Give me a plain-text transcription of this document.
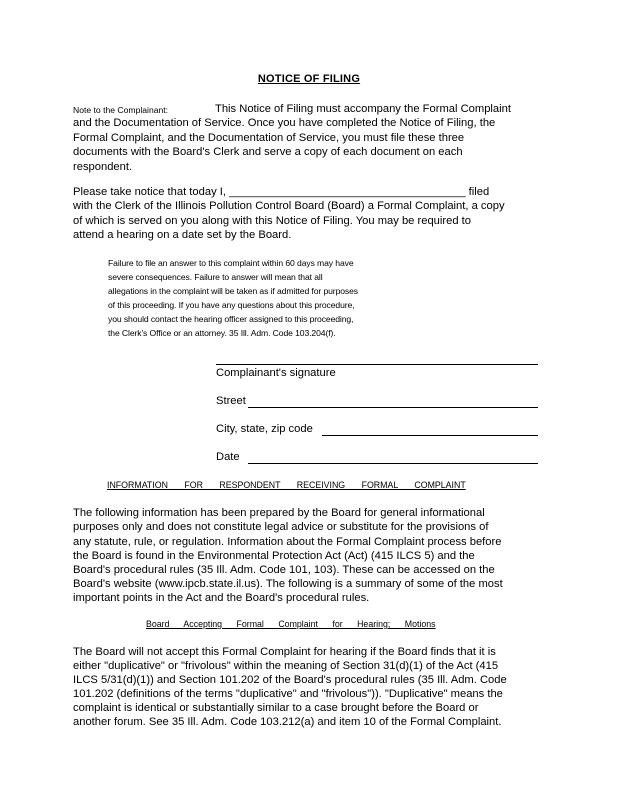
NOTICE OF FILING
Note to the Complainant:	This Notice of Filing must accompany the Formal Complaint
and the Documentation of Service. Once you have completed the Notice of Filing, the
Formal Complaint, and the Documentation of Service, you must file these three
documents with the Board's Clerk and serve a copy of each document on each
respondent.
Please take notice that today I, ______________________________________ filed
with the Clerk of the Illinois Pollution Control Board (Board) a Formal Complaint, a copy
of which is served on you along with this Notice of Filing. You may be required to
attend a hearing on a date set by the Board.
Failure to file an answer to this complaint within 60 days may have
severe consequences. Failure to answer will mean that all
allegations in the complaint will be taken as if admitted for purposes
of this proceeding. If you have any questions about this procedure,
you should contact the hearing officer assigned to this proceeding,
the Clerk's Office or an attorney. 35 Ill. Adm. Code 103.204(f).
Complainant's signature
Street
City, state, zip code
Date
INFORMATION FOR RESPONDENT RECEIVING FORMAL COMPLAINT
The following information has been prepared by the Board for general informational
purposes only and does not constitute legal advice or substitute for the provisions of
any statute, rule, or regulation. Information about the Formal Complaint process before
the Board is found in the Environmental Protection Act (Act) (415 ILCS 5) and the
Board's procedural rules (35 Ill. Adm. Code 101, 103). These can be accessed on the
Board's website (www.ipcb.state.il.us). The following is a summary of some of the most
important points in the Act and the Board's procedural rules.
Board Accepting Formal Complaint for Hearing; Motions
The Board will not accept this Formal Complaint for hearing if the Board finds that it is
either "duplicative" or "frivolous" within the meaning of Section 31(d)(1) of the Act (415
ILCS 5/31(d)(1)) and Section 101.202 of the Board's procedural rules (35 Ill. Adm. Code
101.202 (definitions of the terms "duplicative" and "frivolous")). "Duplicative" means the
complaint is identical or substantially similar to a case brought before the Board or
another forum. See 35 Ill. Adm. Code 103.212(a) and item 10 of the Formal Complaint.
